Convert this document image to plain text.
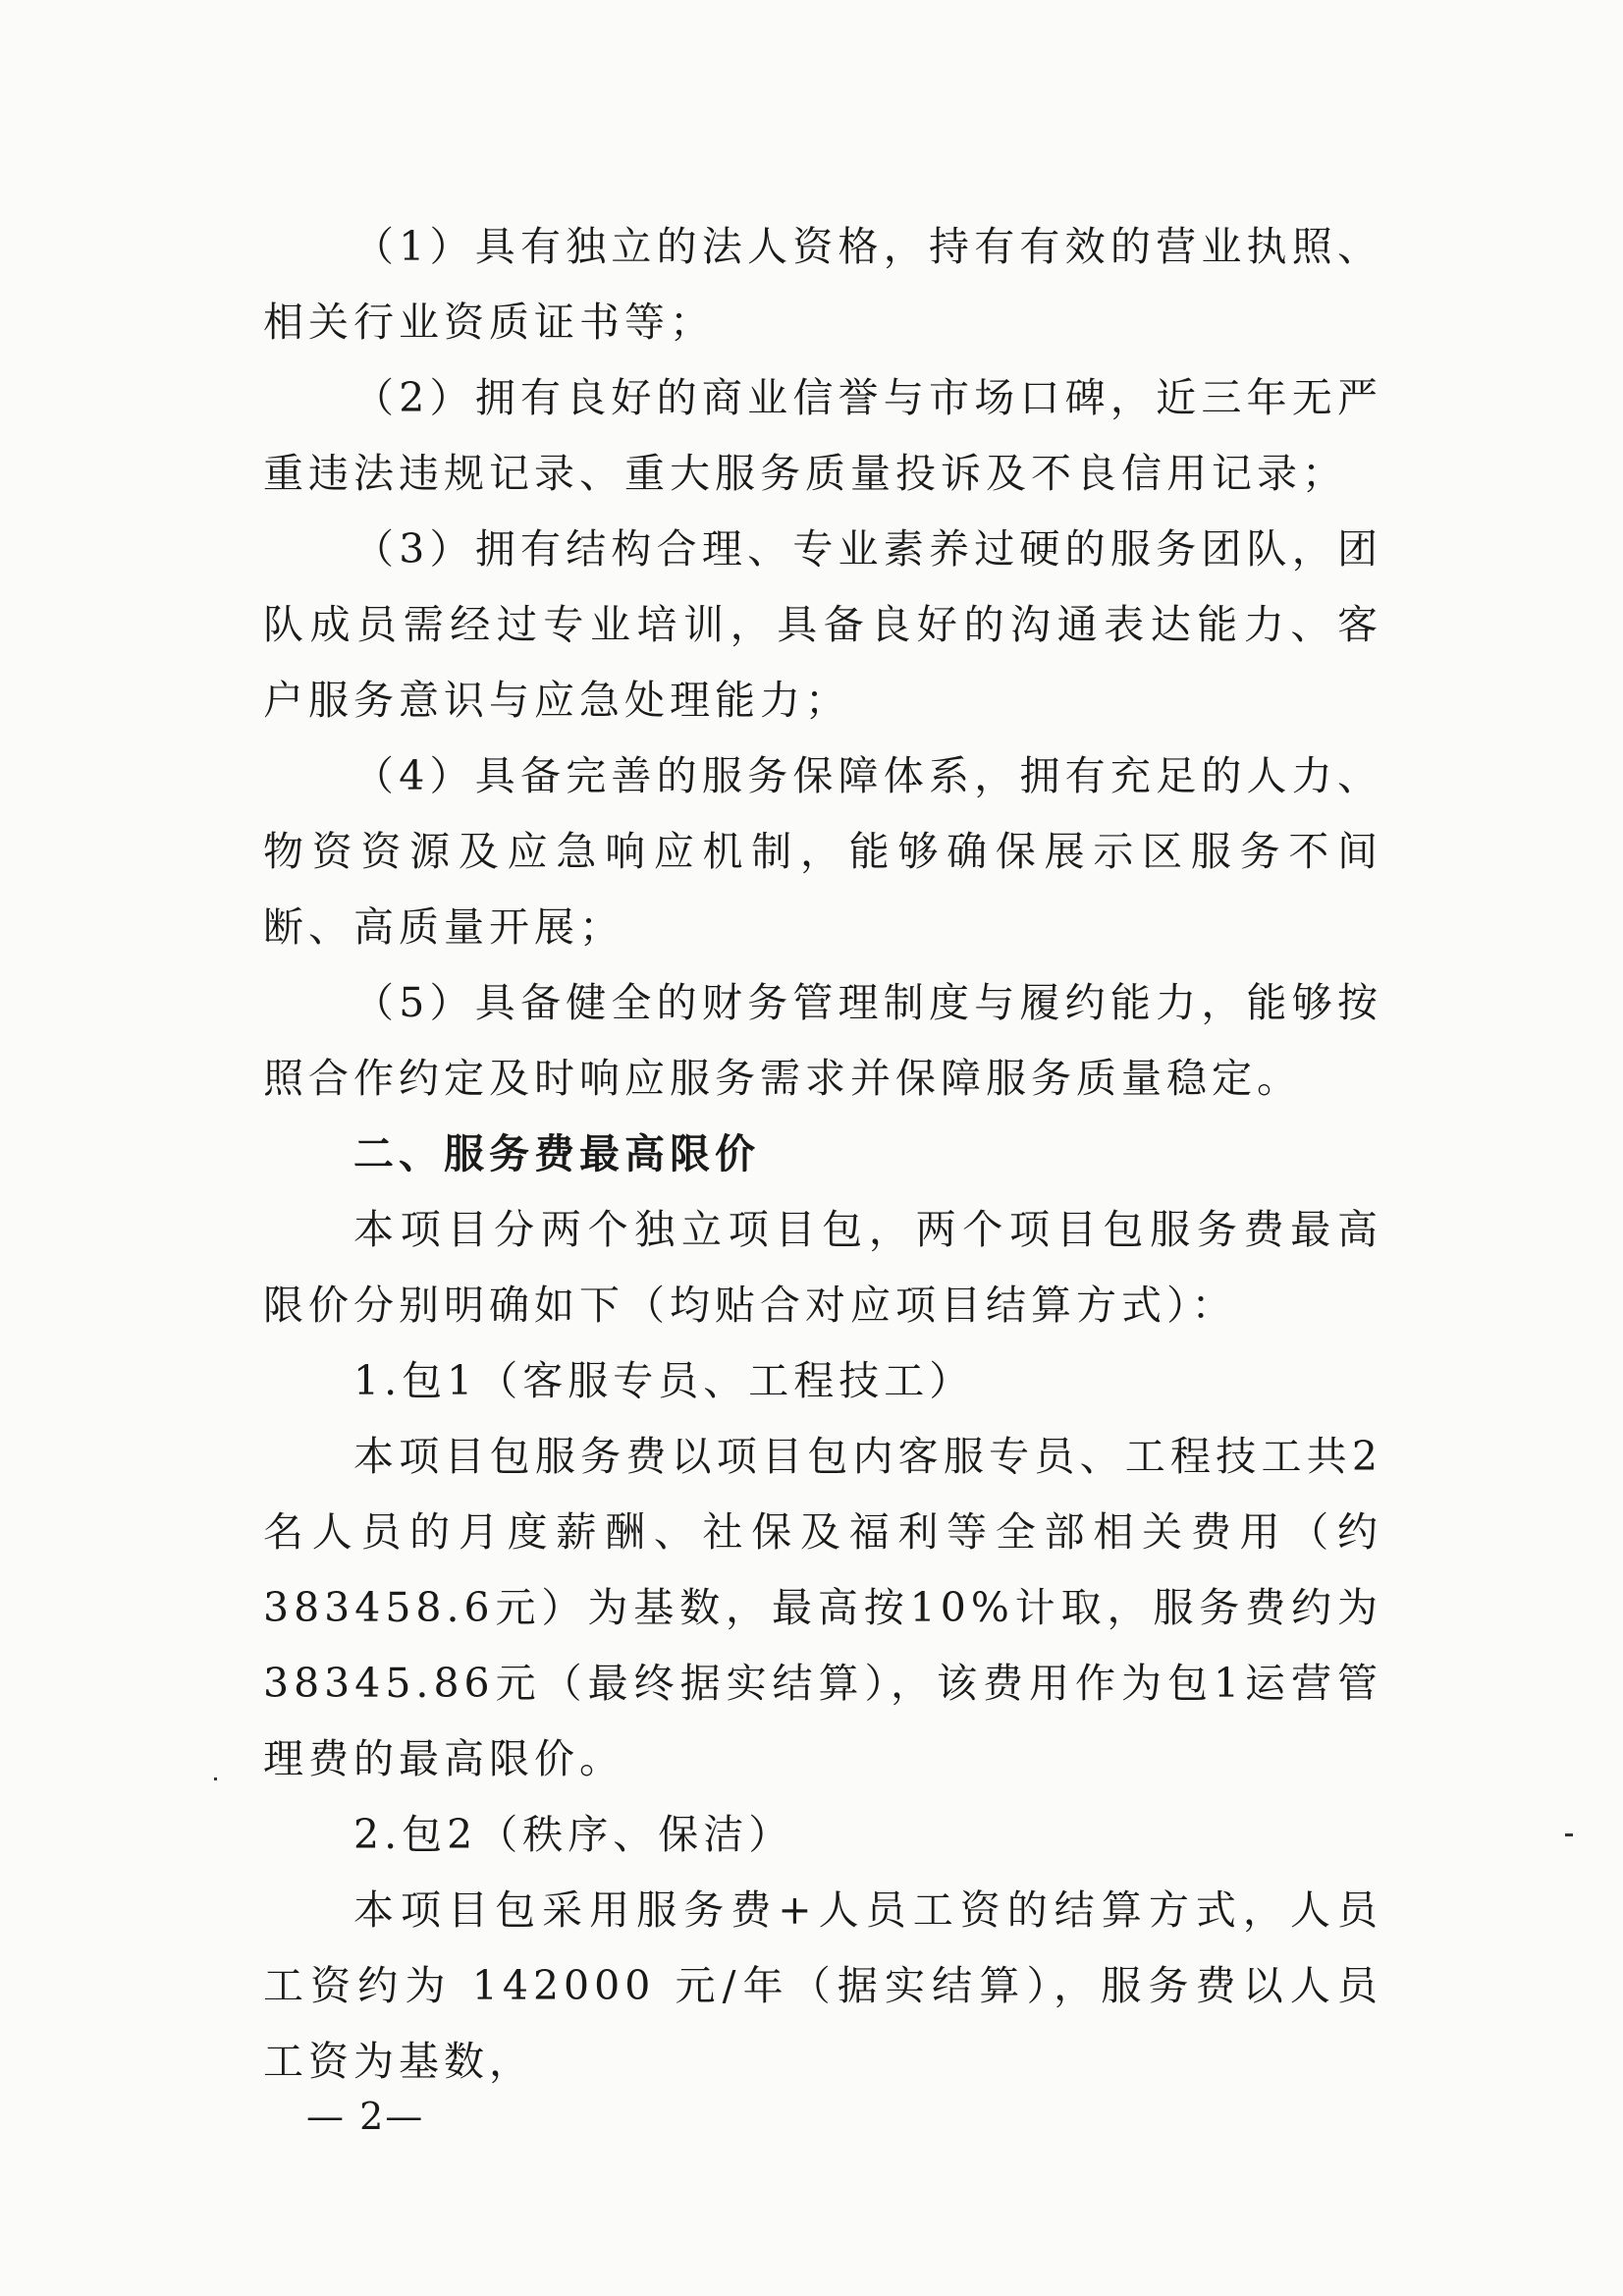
（1）具有独立的法人资格，持有有效的营业执照、相关行业资质证书等；

（2）拥有良好的商业信誉与市场口碑，近三年无严重违法违规记录、重大服务质量投诉及不良信用记录；

（3）拥有结构合理、专业素养过硬的服务团队，团队成员需经过专业培训，具备良好的沟通表达能力、客户服务意识与应急处理能力；

（4）具备完善的服务保障体系，拥有充足的人力、物资资源及应急响应机制，能够确保展示区服务不间断、高质量开展；

（5）具备健全的财务管理制度与履约能力，能够按照合作约定及时响应服务需求并保障服务质量稳定。

二、服务费最高限价

本项目分两个独立项目包，两个项目包服务费最高限价分别明确如下（均贴合对应项目结算方式）：

1.包1（客服专员、工程技工）

本项目包服务费以项目包内客服专员、工程技工共2名人员的月度薪酬、社保及福利等全部相关费用（约383458.6元）为基数，最高按10%计取，服务费约为38345.86元（最终据实结算），该费用作为包1运营管理费的最高限价。

2.包2（秩序、保洁）

本项目包采用服务费+人员工资的结算方式，人员工资约为 142000 元/年（据实结算），服务费以人员工资为基数，

— 2—
